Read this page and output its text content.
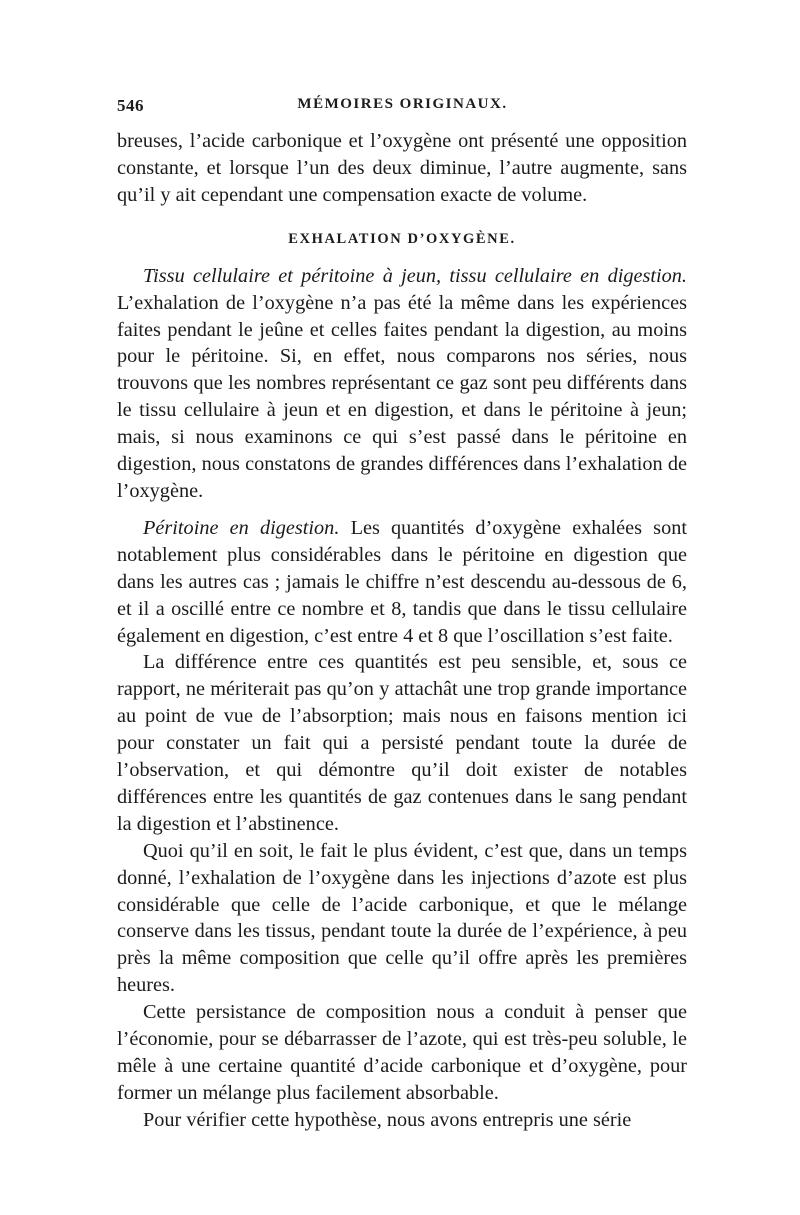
546	MÉMOIRES ORIGINAUX.

breuses, l’acide carbonique et l’oxygène ont présenté une opposition constante, et lorsque l’un des deux diminue, l’autre augmente, sans qu’il y ait cependant une compensation exacte de volume.

EXHALATION D’OXYGÈNE.

Tissu cellulaire et péritoine à jeun, tissu cellulaire en digestion. L’exhalation de l’oxygène n’a pas été la même dans les expériences faites pendant le jeûne et celles faites pendant la digestion, au moins pour le péritoine. Si, en effet, nous comparons nos séries, nous trouvons que les nombres représentant ce gaz sont peu différents dans le tissu cellulaire à jeun et en digestion, et dans le péritoine à jeun; mais, si nous examinons ce qui s’est passé dans le péritoine en digestion, nous constatons de grandes différences dans l’exhalation de l’oxygène.

Péritoine en digestion. Les quantités d’oxygène exhalées sont notablement plus considérables dans le péritoine en digestion que dans les autres cas ; jamais le chiffre n’est descendu au-dessous de 6, et il a oscillé entre ce nombre et 8, tandis que dans le tissu cellulaire également en digestion, c’est entre 4 et 8 que l’oscillation s’est faite.

La différence entre ces quantités est peu sensible, et, sous ce rapport, ne mériterait pas qu’on y attachât une trop grande importance au point de vue de l’absorption; mais nous en faisons mention ici pour constater un fait qui a persisté pendant toute la durée de l’observation, et qui démontre qu’il doit exister de notables différences entre les quantités de gaz contenues dans le sang pendant la digestion et l’abstinence.

Quoi qu’il en soit, le fait le plus évident, c’est que, dans un temps donné, l’exhalation de l’oxygène dans les injections d’azote est plus considérable que celle de l’acide carbonique, et que le mélange conserve dans les tissus, pendant toute la durée de l’expérience, à peu près la même composition que celle qu’il offre après les premières heures.

Cette persistance de composition nous a conduit à penser que l’économie, pour se débarrasser de l’azote, qui est très-peu soluble, le mêle à une certaine quantité d’acide carbonique et d’oxygène, pour former un mélange plus facilement absorbable.

Pour vérifier cette hypothèse, nous avons entrepris une série
